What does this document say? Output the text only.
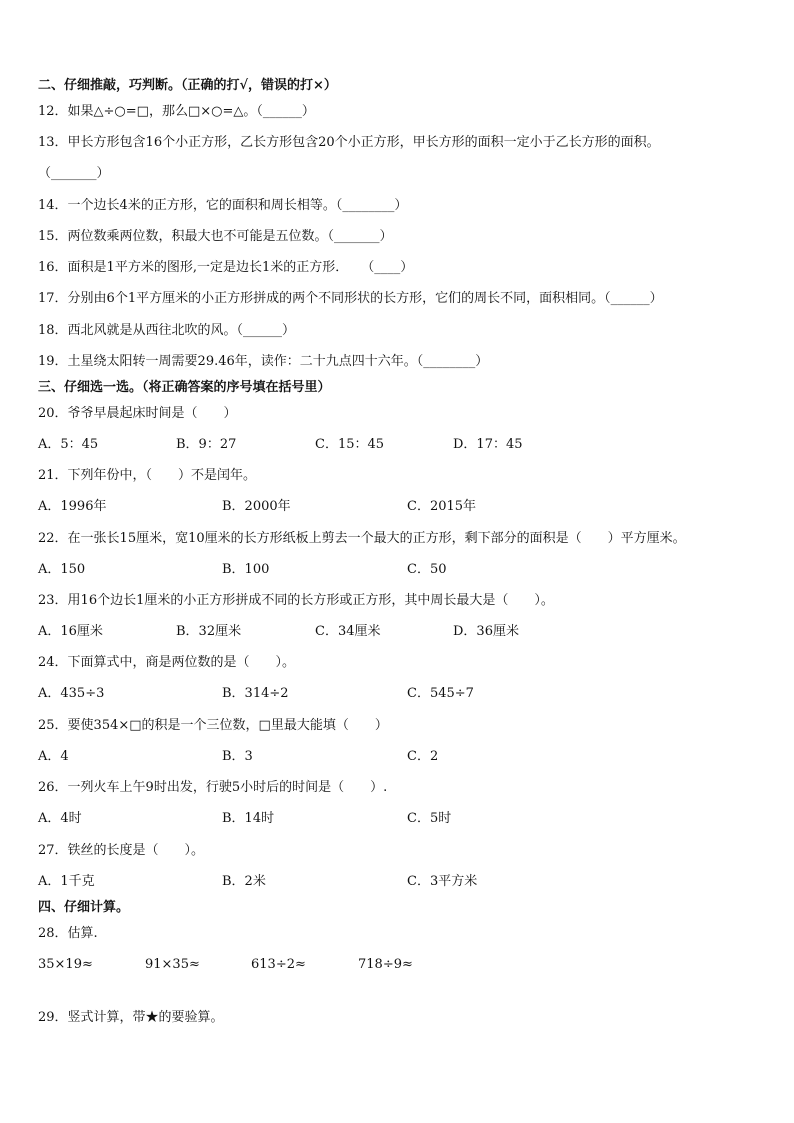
二、仔细推敲，巧判断。（正确的打√，错误的打×）
12．如果△÷○=□，那么□×○=△。（______）
13．甲长方形包含16个小正方形，乙长方形包含20个小正方形，甲长方形的面积一定小于乙长方形的面积。
（_______）
14．一个边长4米的正方形，它的面积和周长相等。（________）
15．两位数乘两位数，积最大也不可能是五位数。（_______）
16．面积是1平方米的图形,一定是边长1米的正方形．　　（____）
17．分别由6个1平方厘米的小正方形拼成的两个不同形状的长方形，它们的周长不同，面积相同。（______）
18．西北风就是从西往北吹的风。（______）
19．土星绕太阳转一周需要29.46年，读作：二十九点四十六年。（________）
三、仔细选一选。（将正确答案的序号填在括号里）
20．爷爷早晨起床时间是（　　）
A．5：45	B．9：27	C．15：45	D．17：45
21．下列年份中，（　　）不是闰年。
A．1996年	B．2000年	C．2015年
22．在一张长15厘米，宽10厘米的长方形纸板上剪去一个最大的正方形，剩下部分的面积是（　　）平方厘米。
A．150	B．100	C．50
23．用16个边长1厘米的小正方形拼成不同的长方形或正方形，其中周长最大是（　　）。
A．16厘米	B．32厘米	C．34厘米	D．36厘米
24．下面算式中，商是两位数的是（　　）。
A．435÷3	B．314÷2	C．545÷7
25．要使354×□的积是一个三位数，□里最大能填（　　）
A．4	B．3	C．2
26．一列火车上午9时出发，行驶5小时后的时间是（　　）.
A．4时	B．14时	C．5时
27．铁丝的长度是（　　）。
A．1千克	B．2米	C．3平方米
四、仔细计算。
28．估算.
35×19≈	91×35≈	613÷2≈	718÷9≈
29．竖式计算，带★的要验算。
